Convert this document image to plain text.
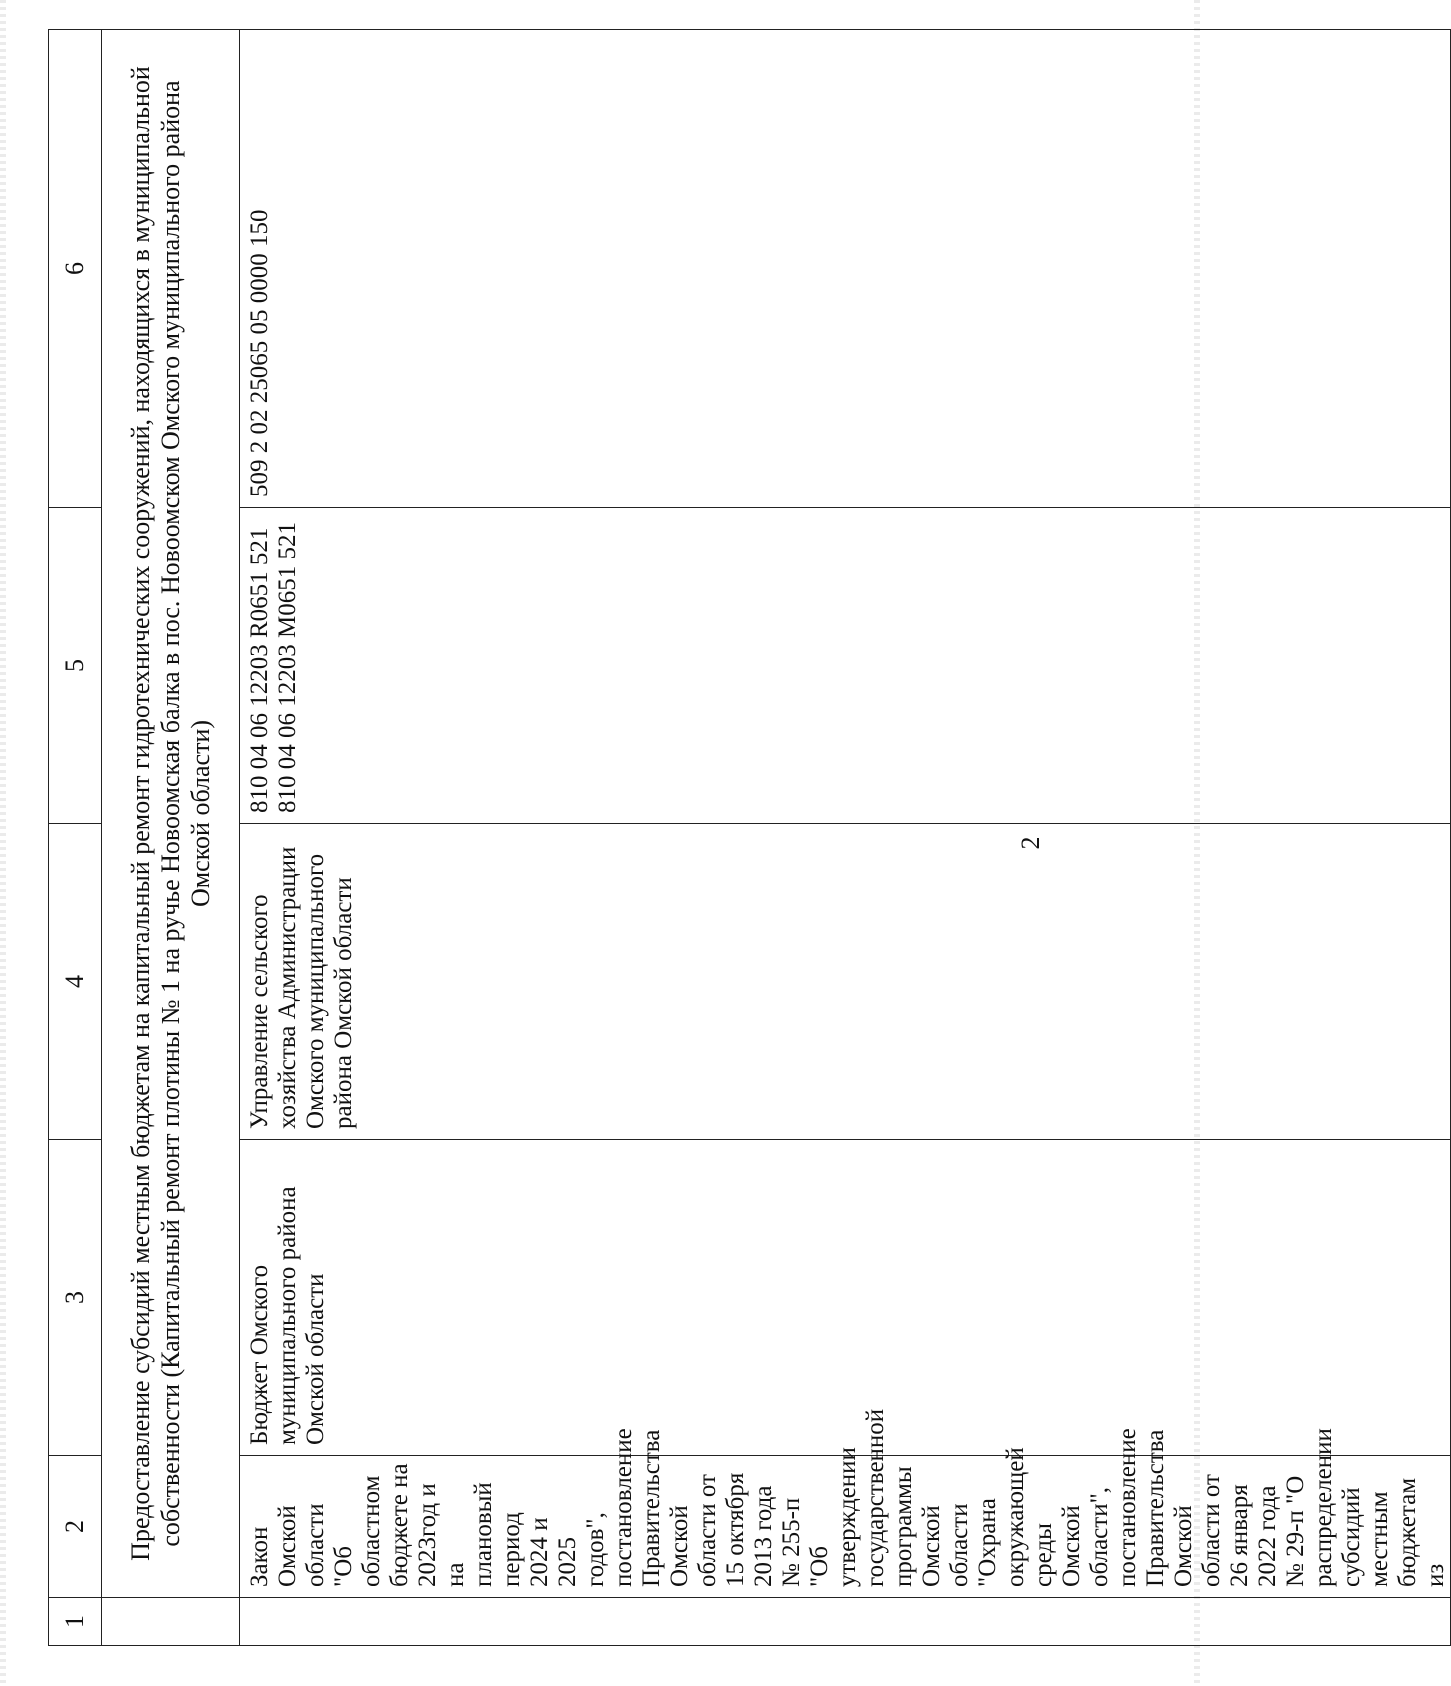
2
1	2	3	4	5	6
	Предоставление субсидий местным бюджетам на капитальный ремонт гидротехнических сооружений, находящихся в муниципальной собственности (Капитальный ремонт плотины № 1 на ручье Новоомская балка в пос. Новоомском Омского муниципального района Омской области)				

	Закон Омской области "Об областном бюджете на 2023год и на плановый период 2024 и 2025 годов", постановление Правительства Омской области от 15 октября 2013 года № 255-п "Об утверждении государственной программы Омской области "Охрана окружающей среды Омской области", постановление Правительства Омской области от 26 января 2022 года № 29-п "О распределении субсидий местным бюджетам из	Бюджет Омского муниципального района Омской области	Управление сельского хозяйства Администрации Омского муниципального района Омской области	810 04 06 12203 R0651 521 810 04 06 12203 M0651 521	509 2 02 25065 05 0000 150
